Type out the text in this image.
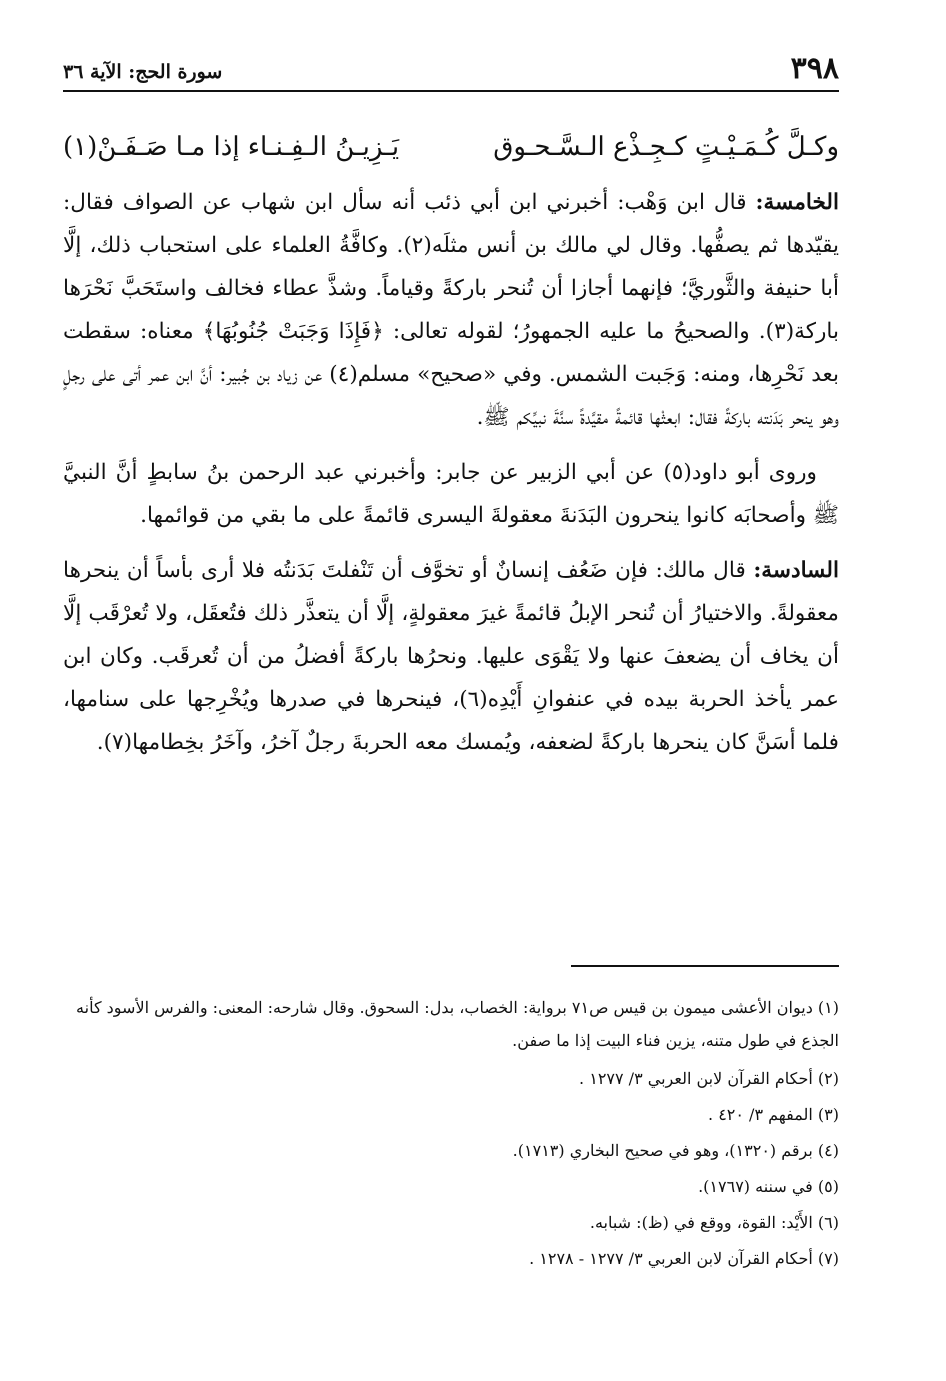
٣٩٨
سورة الحج: الآية ٣٦
وكـلَّ كُـمَـيْـتٍ كـجِـذْع الـسَّـحـوق
يَـزِيـنُ الـفِـنـاء إذا مـا صَـفَـنْ(١)

الخامسة: قال ابن وَهْب: أخبرني ابن أبي ذئب أنه سأل ابن شهاب عن الصواف فقال: يقيّدها ثم يصفُّها. وقال لي مالك بن أنس مثلَه(٢). وكافَّةُ العلماء على استحباب ذلك، إلَّا أبا حنيفة والثَّوريَّ؛ فإنهما أجازا أن تُنحر باركةً وقياماً. وشذَّ عطاء فخالف واستَحَبَّ نَحْرَها باركة(٣). والصحيحُ ما عليه الجمهورُ؛ لقوله تعالى: ﴿فَإِذَا وَجَبَتْ جُنُوبُهَا﴾ معناه: سقطت بعد نَحْرِها، ومنه: وَجَبت الشمس. وفي «صحيح» مسلم(٤) عن زياد بن جُبير: أنَّ ابن عمر أتى على رجلٍ وهو ينحر بَدَنته باركةً فقال: ابعثْها قائمةً مقيَّدةً سنَّةَ نبيِّكم ﷺ.

وروى أبو داود(٥) عن أبي الزبير عن جابر: وأخبرني عبد الرحمن بنُ سابطٍ أنَّ النبيَّ ﷺ وأصحابَه كانوا ينحرون البَدَنةَ معقولةَ اليسرى قائمةً على ما بقي من قوائمها.

السادسة: قال مالك: فإن ضَعُف إنسانٌ أو تخوَّف أن تَنْفلتَ بَدَنتُه فلا أرى بأساً أن ينحرها معقولةً. والاختيارُ أن تُنحر الإبلُ قائمةً غيرَ معقولةٍ، إلَّا أن يتعذَّر ذلك فتُعقَل، ولا تُعرْقَب إلَّا أن يخاف أن يضعفَ عنها ولا يَقْوَى عليها. ونحرُها باركةً أفضلُ من أن تُعرقَب. وكان ابن عمر يأخذ الحربة بيده في عنفوانِ أَيْدِه(٦)، فينحرها في صدرها ويُخْرِجها على سنامها، فلما أسَنَّ كان ينحرها باركةً لضعفه، ويُمسك معه الحربةَ رجلٌ آخرُ، وآخَرُ بخِطامها(٧).

(١) ديوان الأعشى ميمون بن قيس ص٧١ برواية: الخصاب، بدل: السحوق. وقال شارحه: المعنى: والفرس الأسود كأنه الجذع في طول متنه، يزين فناء البيت إذا ما صفن.

(٢) أحكام القرآن لابن العربي ٣/ ١٢٧٧ .

(٣) المفهم ٣/ ٤٢٠ .

(٤) برقم (١٣٢٠)، وهو في صحيح البخاري (١٧١٣).

(٥) في سننه (١٧٦٧).

(٦) الأَيْد: القوة، ووقع في (ظ): شبابه.

(٧) أحكام القرآن لابن العربي ٣/ ١٢٧٧ - ١٢٧٨ .
